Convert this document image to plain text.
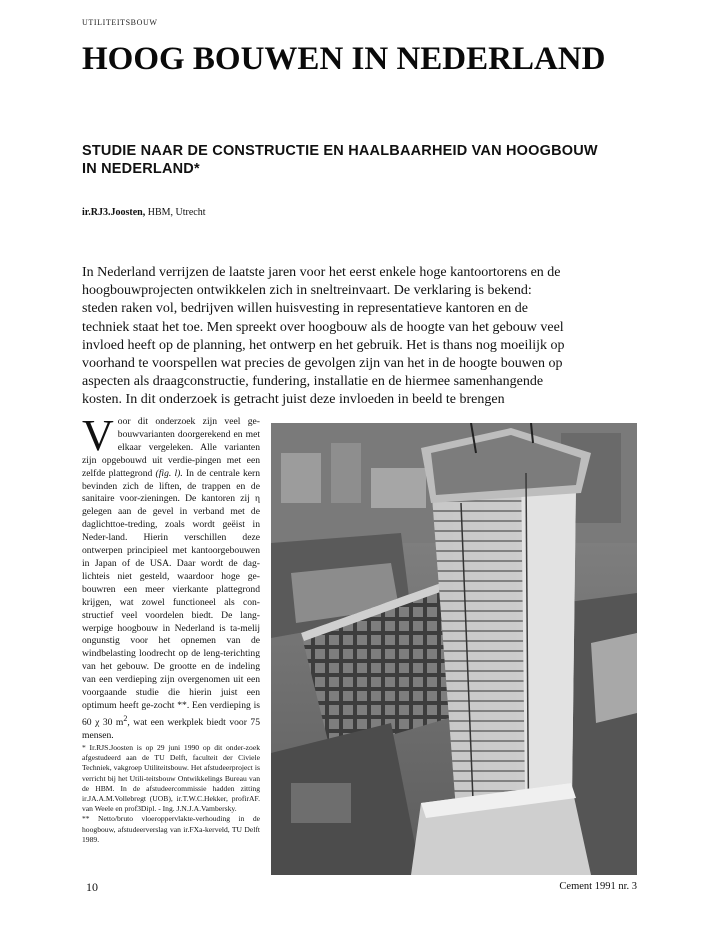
UTILITEITSBOUW
HOOG BOUWEN IN NEDERLAND
STUDIE NAAR DE CONSTRUCTIE EN HAALBAARHEID VAN HOOGBOUW IN NEDERLAND*
ir.RJ3.Joosten, HBM, Utrecht

In Nederland verrijzen de laatste jaren voor het eerst enkele hoge kantoortorens en de hoogbouwprojecten ontwikkelen zich in sneltreinvaart. De verklaring is bekend: steden raken vol, bedrijven willen huisvesting in representatieve kantoren en de techniek staat het toe. Men spreekt over hoogbouw als de hoogte van het gebouw veel invloed heeft op de planning, het ontwerp en het gebruik. Het is thans nog moeilijk op voorhand te voorspellen wat precies de gevolgen zijn van het in de hoogte bouwen op aspecten als draagconstructie, fundering, installatie en de hiermee samenhangende kosten. In dit onderzoek is getracht juist deze invloeden in beeld te brengen

Voor dit onderzoek zijn veel ge-bouwvarianten doorgerekend en met elkaar vergeleken. Alle varianten zijn opgebouwd uit verdie-pingen met een zelfde plattegrond (fig. l). In de centrale kern bevinden zich de liften, de trappen en de sanitaire voor-zieningen. De kantoren zij η gelegen aan de gevel in verband met de daglichttoe-treding, zoals wordt geëist in Neder-land. Hierin verschillen deze ontwerpen principieel met kantoorgebouwen in Japan of de USA. Daar wordt de dag-lichteis niet gesteld, waardoor hoge ge-bouwren een meer vierkante plattegrond krijgen, wat zowel functioneel als con-structief veel voordelen biedt. De lang-werpige hoogbouw in Nederland is ta-melij ongunstig voor het opnemen van de windbelasting loodrecht op de leng-terichting van het gebouw. De grootte en de indeling van een verdieping zijn overgenomen uit een voorgaande studie die hierin juist een optimum heeft ge-zocht **. Een verdieping is 60 χ 30 $m^2$, wat een werkplek biedt voor 75 mensen.

* Ir.RJS.Joosten is op 29 juni 1990 op dit onder-zoek afgestudeerd aan de TU Delft, faculteit der Civiele Techniek, vakgroep Utiliteitsbouw. Het afstudeerproject is verricht bij het Utili-teitsbouw Ontwikkelings Bureau van de HBM. In de afstudeercommissie hadden zitting ir.JA.A.M.Vollebregt (UOB), ir.T.W.C.Hekker, profirAF. van Weele en prof3Dipl. - Ing. J.N.J.A.Vambersky.

** Netto/bruto vloeroppervlakte-verhouding in de hoogbouw, afstudeerverslag van ir.FXa-kerveld, TU Delft 1989.

10	Cement 1991 nr. 3
